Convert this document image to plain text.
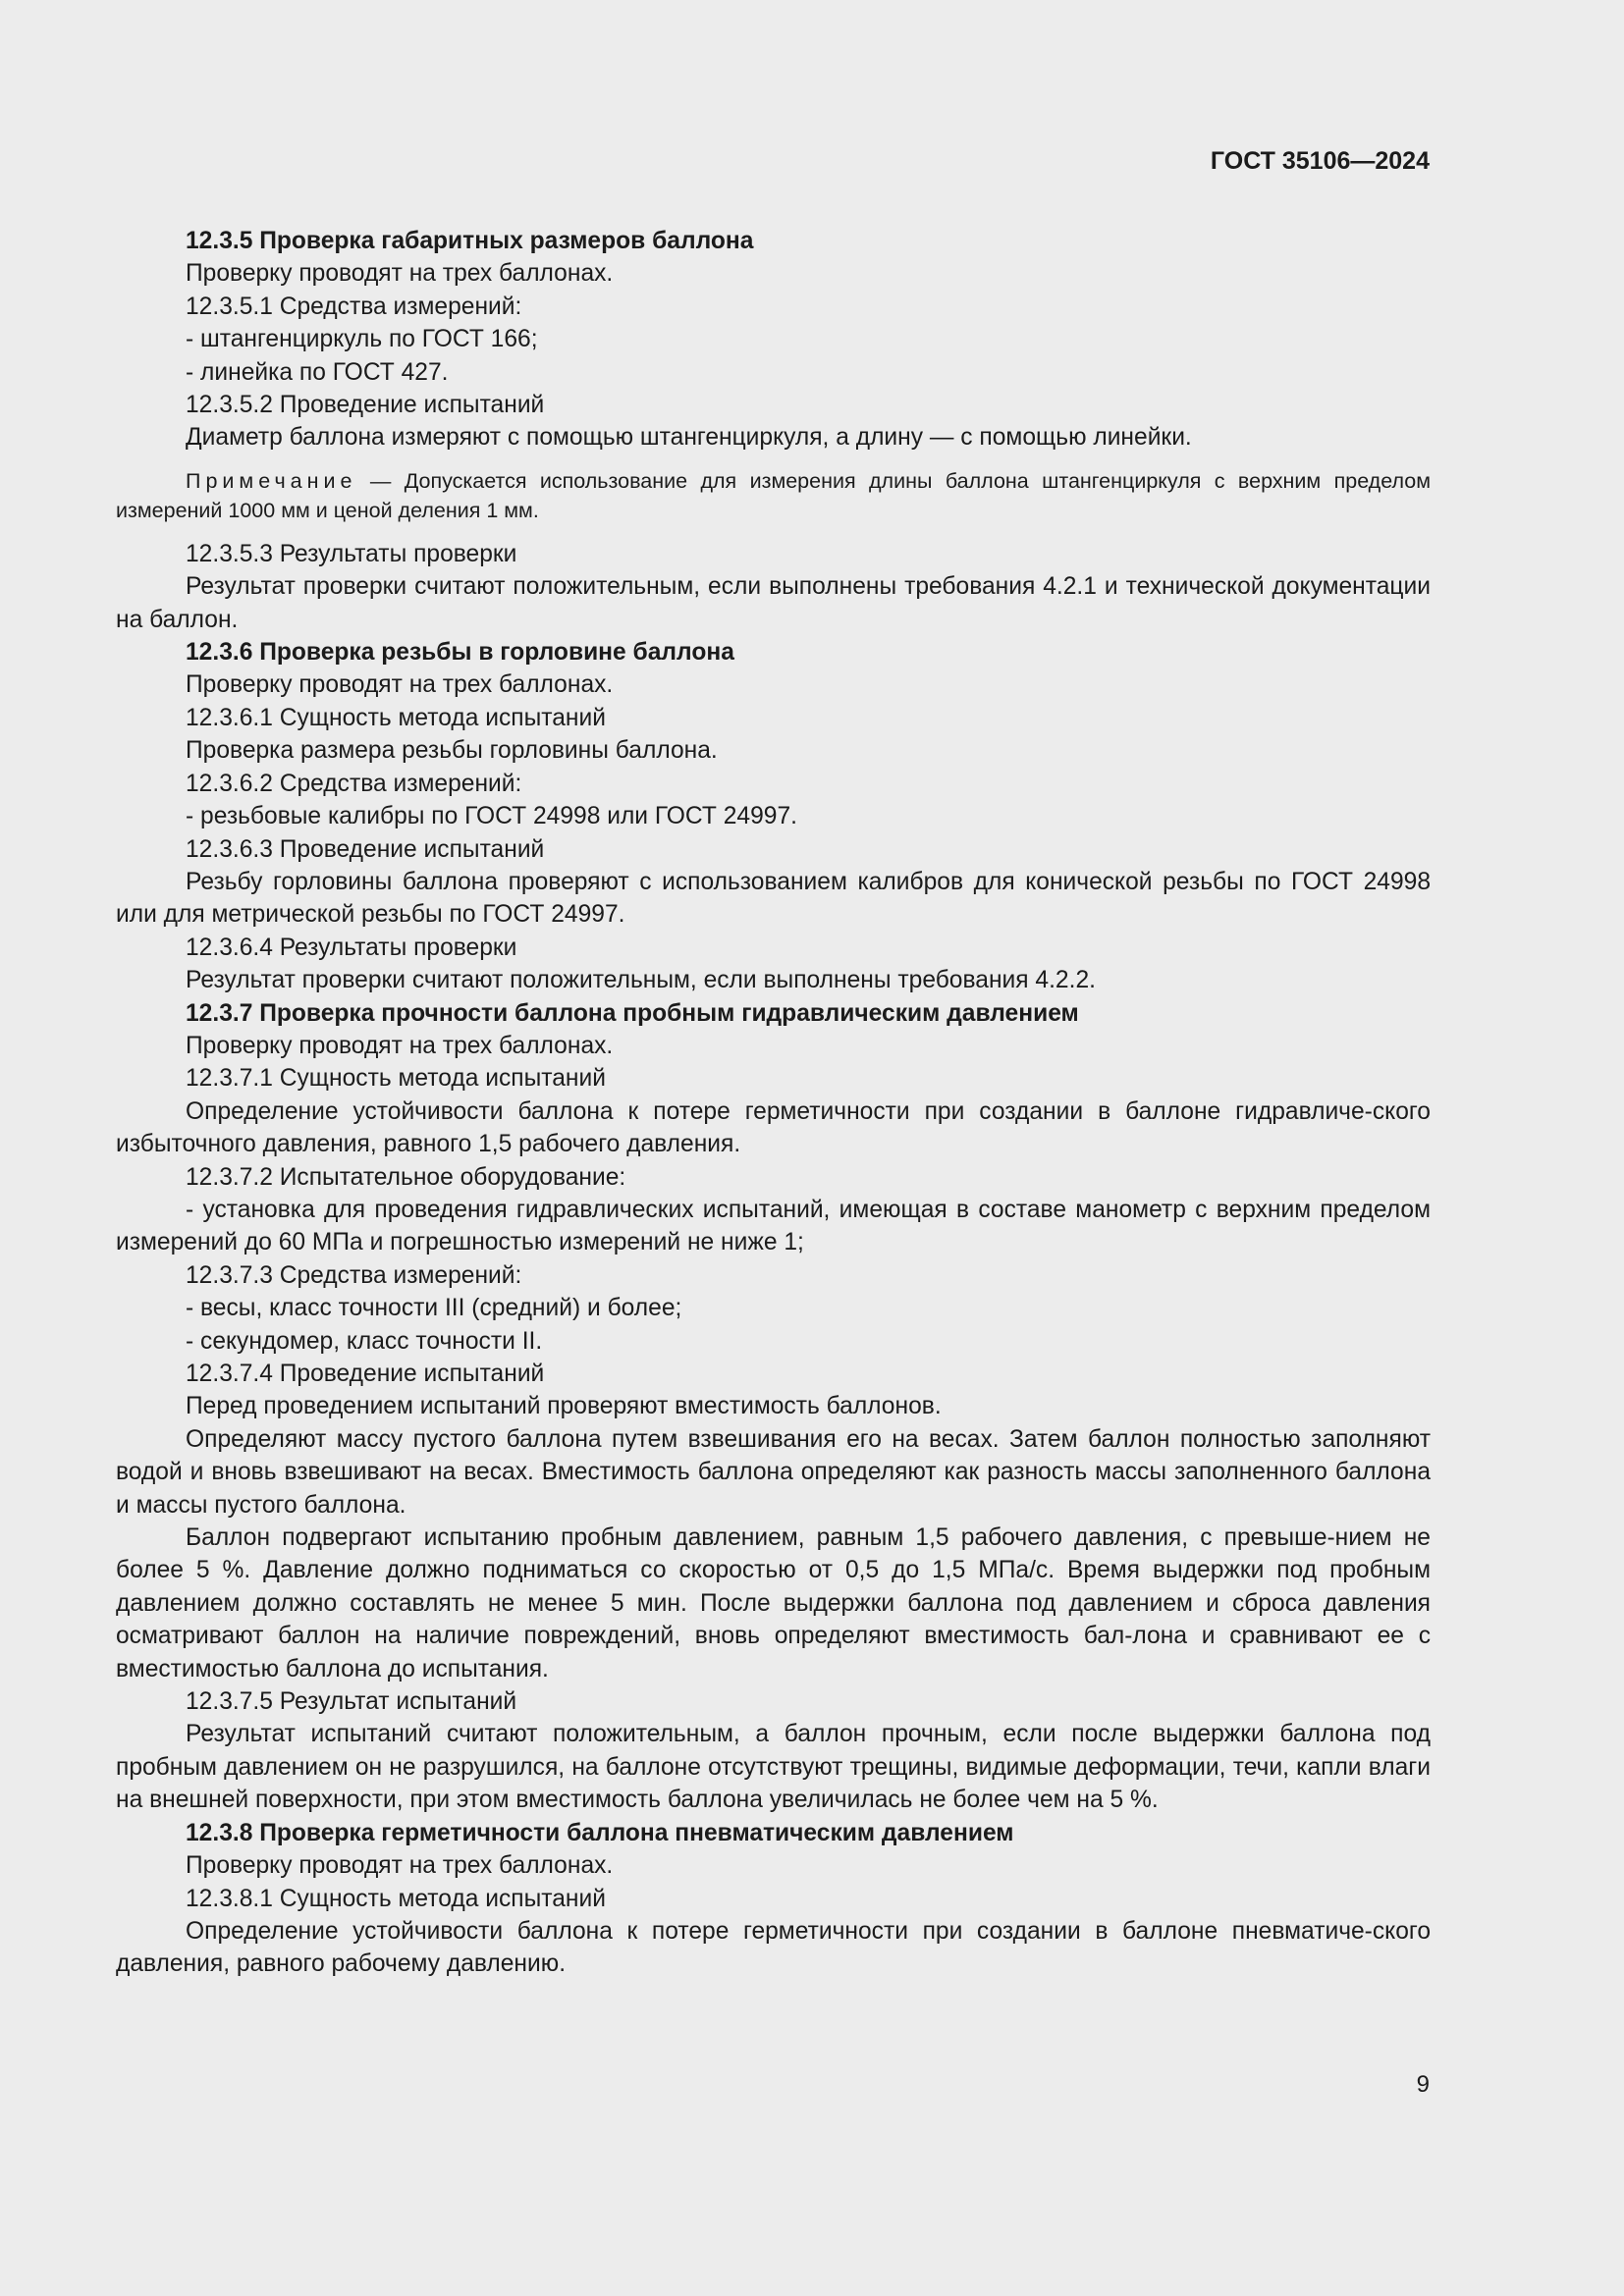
ГОСТ 35106—2024

12.3.5 Проверка габаритных размеров баллона

Проверку проводят на трех баллонах.

12.3.5.1 Средства измерений:

- штангенциркуль по ГОСТ 166;

- линейка по ГОСТ 427.

12.3.5.2 Проведение испытаний

Диаметр баллона измеряют с помощью штангенциркуля, а длину — с помощью линейки.

Примечание — Допускается использование для измерения длины баллона штангенциркуля с верхним пределом измерений 1000 мм и ценой деления 1 мм.

12.3.5.3 Результаты проверки

Результат проверки считают положительным, если выполнены требования 4.2.1 и технической документации на баллон.

12.3.6 Проверка резьбы в горловине баллона

Проверку проводят на трех баллонах.

12.3.6.1 Сущность метода испытаний

Проверка размера резьбы горловины баллона.

12.3.6.2 Средства измерений:

- резьбовые калибры по ГОСТ 24998 или ГОСТ 24997.

12.3.6.3 Проведение испытаний

Резьбу горловины баллона проверяют с использованием калибров для конической резьбы по ГОСТ 24998 или для метрической резьбы по ГОСТ 24997.

12.3.6.4 Результаты проверки

Результат проверки считают положительным, если выполнены требования 4.2.2.

12.3.7 Проверка прочности баллона пробным гидравлическим давлением

Проверку проводят на трех баллонах.

12.3.7.1 Сущность метода испытаний

Определение устойчивости баллона к потере герметичности при создании в баллоне гидравличе-ского избыточного давления, равного 1,5 рабочего давления.

12.3.7.2 Испытательное оборудование:

- установка для проведения гидравлических испытаний, имеющая в составе манометр с верхним пределом измерений до 60 МПа и погрешностью измерений не ниже 1;

12.3.7.3 Средства измерений:

- весы, класс точности III (средний) и более;

- секундомер, класс точности II.

12.3.7.4 Проведение испытаний

Перед проведением испытаний проверяют вместимость баллонов.

Определяют массу пустого баллона путем взвешивания его на весах. Затем баллон полностью заполняют водой и вновь взвешивают на весах. Вместимость баллона определяют как разность массы заполненного баллона и массы пустого баллона.

Баллон подвергают испытанию пробным давлением, равным 1,5 рабочего давления, с превыше-нием не более 5 %. Давление должно подниматься со скоростью от 0,5 до 1,5 МПа/с. Время выдержки под пробным давлением должно составлять не менее 5 мин. После выдержки баллона под давлением и сброса давления осматривают баллон на наличие повреждений, вновь определяют вместимость бал-лона и сравнивают ее с вместимостью баллона до испытания.

12.3.7.5 Результат испытаний

Результат испытаний считают положительным, а баллон прочным, если после выдержки баллона под пробным давлением он не разрушился, на баллоне отсутствуют трещины, видимые деформации, течи, капли влаги на внешней поверхности, при этом вместимость баллона увеличилась не более чем на 5 %.

12.3.8 Проверка герметичности баллона пневматическим давлением

Проверку проводят на трех баллонах.

12.3.8.1 Сущность метода испытаний

Определение устойчивости баллона к потере герметичности при создании в баллоне пневматиче-ского давления, равного рабочему давлению.

9
